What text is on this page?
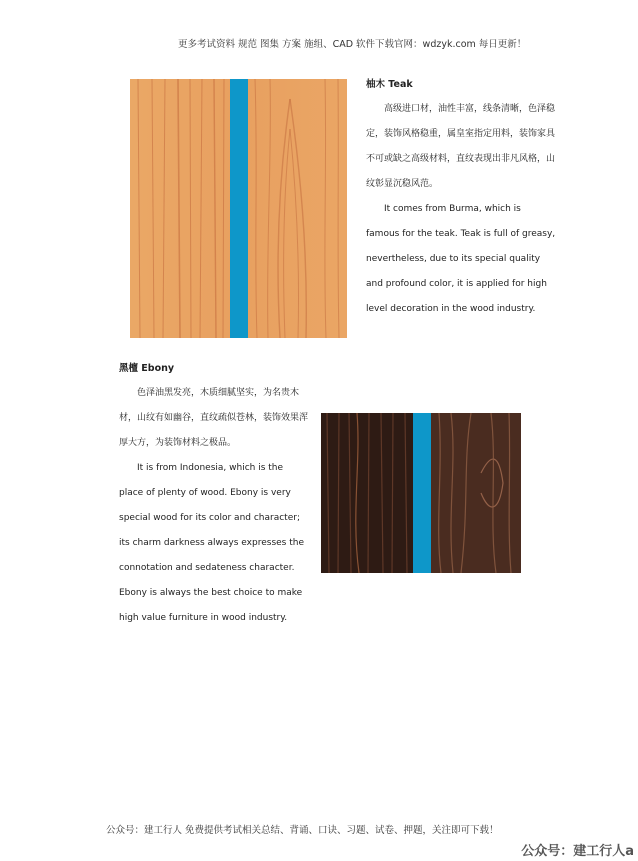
更多考试资料 规范 图集 方案 施组、CAD 软件下载官网：wdzyk.com 每日更新！
柚木 Teak

高级进口材，油性丰富，线条清晰，色泽稳定，装饰风格稳重，属皇室指定用料，装饰家具不可或缺之高级材料，直纹表现出非凡风格，山纹彰显沉稳风范。

It comes from Burma, which is famous for the teak. Teak is full of greasy, nevertheless, due to its special quality and profound color, it is applied for high level decoration in the wood industry.

黑檀 Ebony

色泽油黑发亮，木质细腻坚实，为名贵木材，山纹有如幽谷，直纹疏似苍林，装饰效果浑厚大方，为装饰材料之极品。

It is from Indonesia, which is the place of plenty of wood. Ebony is very special wood for its color and character; its charm darkness always expresses the connotation and sedateness character. Ebony is always the best choice to make high value furniture in wood industry.

公众号：建工行人 免费提供考试相关总结、背诵、口诀、习题、试卷、押题，关注即可下载！
公众号：建工行人a
